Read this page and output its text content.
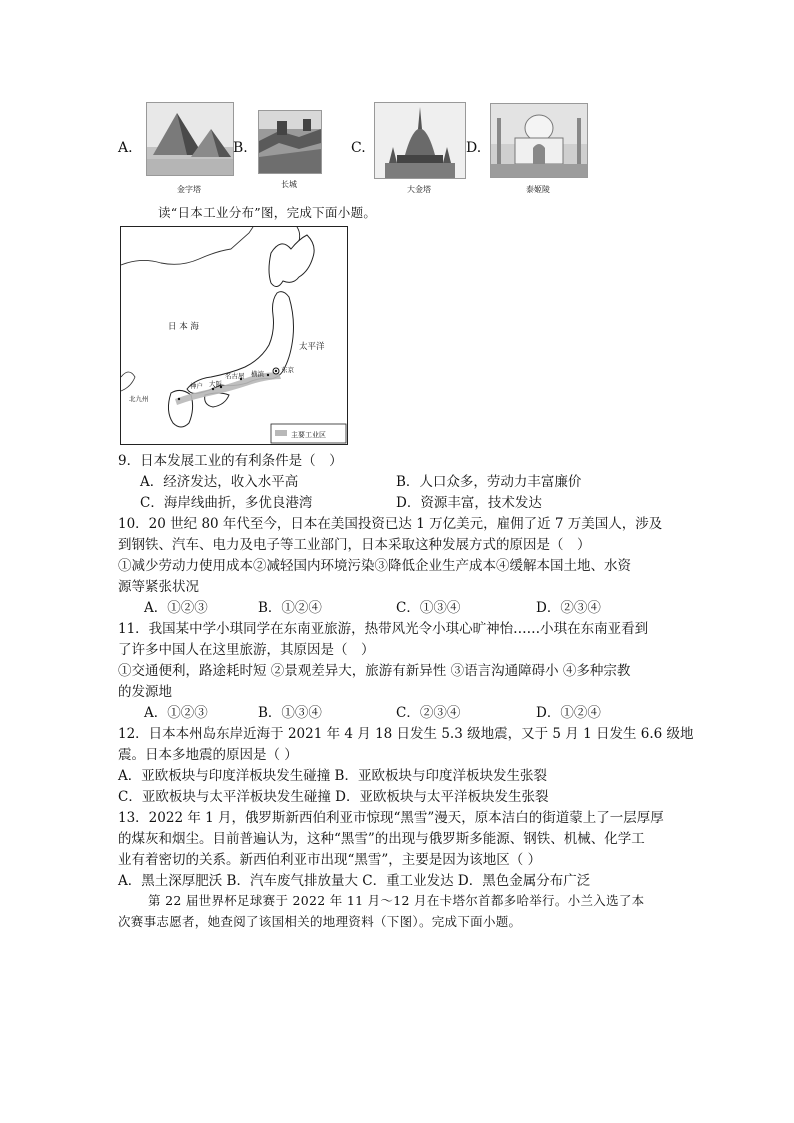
A.
金字塔
B.
长城
C.
大金塔
D.
泰姬陵
读“日本工业分布”图，完成下面小题。
日 本 海
太平洋
东京
横滨
名古屋
大阪
神户
北九州
主要工业区
9．日本发展工业的有利条件是（　）
A．经济发达，收入水平高	B．人口众多，劳动力丰富廉价
C．海岸线曲折，多优良港湾	D．资源丰富，技术发达
10．20 世纪 80 年代至今，日本在美国投资已达 1 万亿美元，雇佣了近 7 万美国人，涉及
到钢铁、汽车、电力及电子等工业部门，日本采取这种发展方式的原因是（　）
①减少劳动力使用成本②减轻国内环境污染③降低企业生产成本④缓解本国土地、水资
源等紧张状况
A．①②③	B．①②④	C．①③④	D．②③④
11．我国某中学小琪同学在东南亚旅游，热带风光令小琪心旷神怡……小琪在东南亚看到
了许多中国人在这里旅游，其原因是（　）
①交通便利，路途耗时短 ②景观差异大，旅游有新异性 ③语言沟通障碍小 ④多种宗教
的发源地
A．①②③	B．①③④	C．②③④	D．①②④
12．日本本州岛东岸近海于 2021 年 4 月 18 日发生 5.3 级地震，又于 5 月 1 日发生 6.6 级地
震。日本多地震的原因是（ ）
A．亚欧板块与印度洋板块发生碰撞 B．亚欧板块与印度洋板块发生张裂
C．亚欧板块与太平洋板块发生碰撞 D．亚欧板块与太平洋板块发生张裂
13．2022 年 1 月，俄罗斯新西伯利亚市惊现“黑雪”漫天，原本洁白的街道蒙上了一层厚厚
的煤灰和烟尘。目前普遍认为，这种“黑雪”的出现与俄罗斯多能源、钢铁、机械、化学工
业有着密切的关系。新西伯利亚市出现“黑雪”，主要是因为该地区（ ）
A．黑土深厚肥沃 B．汽车废气排放量大 C．重工业发达 D．黑色金属分布广泛
第 22 届世界杯足球赛于 2022 年 11 月～12 月在卡塔尔首都多哈举行。小兰入选了本
次赛事志愿者，她查阅了该国相关的地理资料（下图）。完成下面小题。
